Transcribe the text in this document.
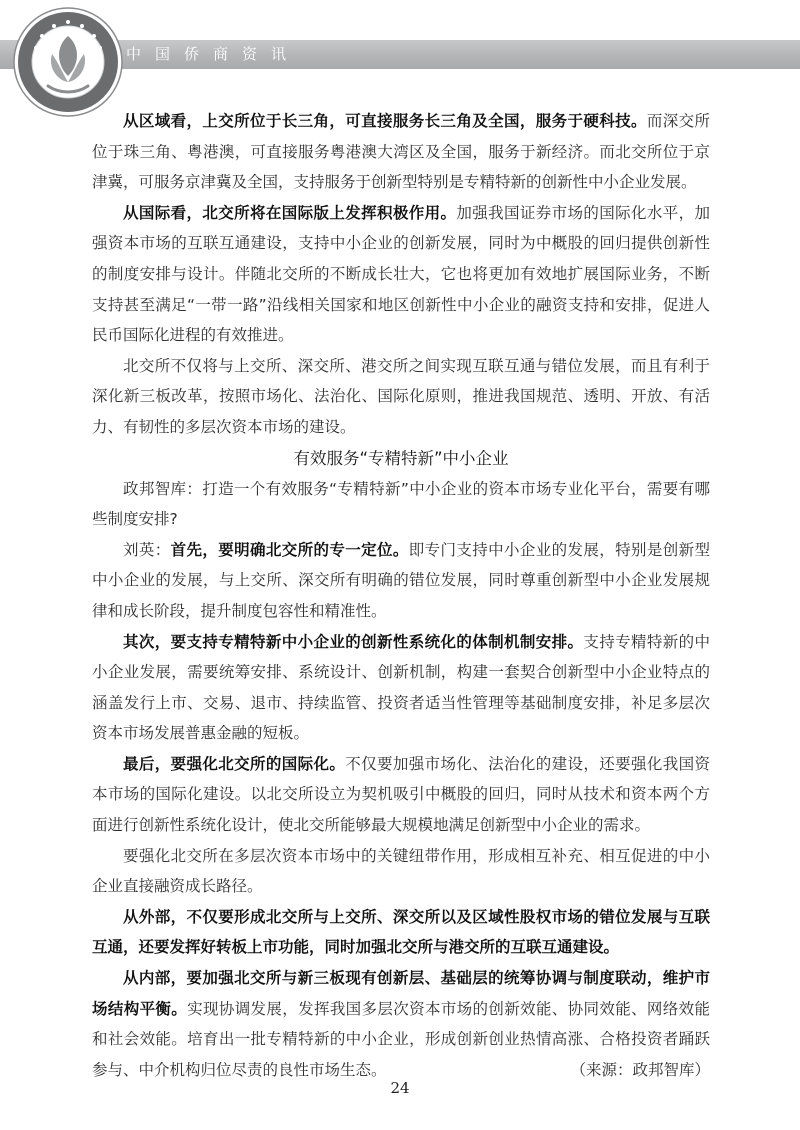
中国侨商资讯

从区域看，上交所位于长三角，可直接服务长三角及全国，服务于硬科技。而深交所位于珠三角、粤港澳，可直接服务粤港澳大湾区及全国，服务于新经济。而北交所位于京津冀，可服务京津冀及全国，支持服务于创新型特别是专精特新的创新性中小企业发展。

从国际看，北交所将在国际版上发挥积极作用。加强我国证券市场的国际化水平，加强资本市场的互联互通建设，支持中小企业的创新发展，同时为中概股的回归提供创新性的制度安排与设计。伴随北交所的不断成长壮大，它也将更加有效地扩展国际业务，不断支持甚至满足“一带一路”沿线相关国家和地区创新性中小企业的融资支持和安排，促进人民币国际化进程的有效推进。

北交所不仅将与上交所、深交所、港交所之间实现互联互通与错位发展，而且有利于深化新三板改革，按照市场化、法治化、国际化原则，推进我国规范、透明、开放、有活力、有韧性的多层次资本市场的建设。

有效服务“专精特新”中小企业

政邦智库：打造一个有效服务“专精特新”中小企业的资本市场专业化平台，需要有哪些制度安排?

刘英：首先，要明确北交所的专一定位。即专门支持中小企业的发展，特别是创新型中小企业的发展，与上交所、深交所有明确的错位发展，同时尊重创新型中小企业发展规律和成长阶段，提升制度包容性和精准性。

其次，要支持专精特新中小企业的创新性系统化的体制机制安排。支持专精特新的中小企业发展，需要统筹安排、系统设计、创新机制，构建一套契合创新型中小企业特点的涵盖发行上市、交易、退市、持续监管、投资者适当性管理等基础制度安排，补足多层次资本市场发展普惠金融的短板。

最后，要强化北交所的国际化。不仅要加强市场化、法治化的建设，还要强化我国资本市场的国际化建设。以北交所设立为契机吸引中概股的回归，同时从技术和资本两个方面进行创新性系统化设计，使北交所能够最大规模地满足创新型中小企业的需求。

要强化北交所在多层次资本市场中的关键纽带作用，形成相互补充、相互促进的中小企业直接融资成长路径。

从外部，不仅要形成北交所与上交所、深交所以及区域性股权市场的错位发展与互联互通，还要发挥好转板上市功能，同时加强北交所与港交所的互联互通建设。

从内部，要加强北交所与新三板现有创新层、基础层的统筹协调与制度联动，维护市场结构平衡。实现协调发展，发挥我国多层次资本市场的创新效能、协同效能、网络效能和社会效能。培育出一批专精特新的中小企业，形成创新创业热情高涨、合格投资者踊跃参与、中介机构归位尽责的良性市场生态。	（来源：政邦智库）
24
